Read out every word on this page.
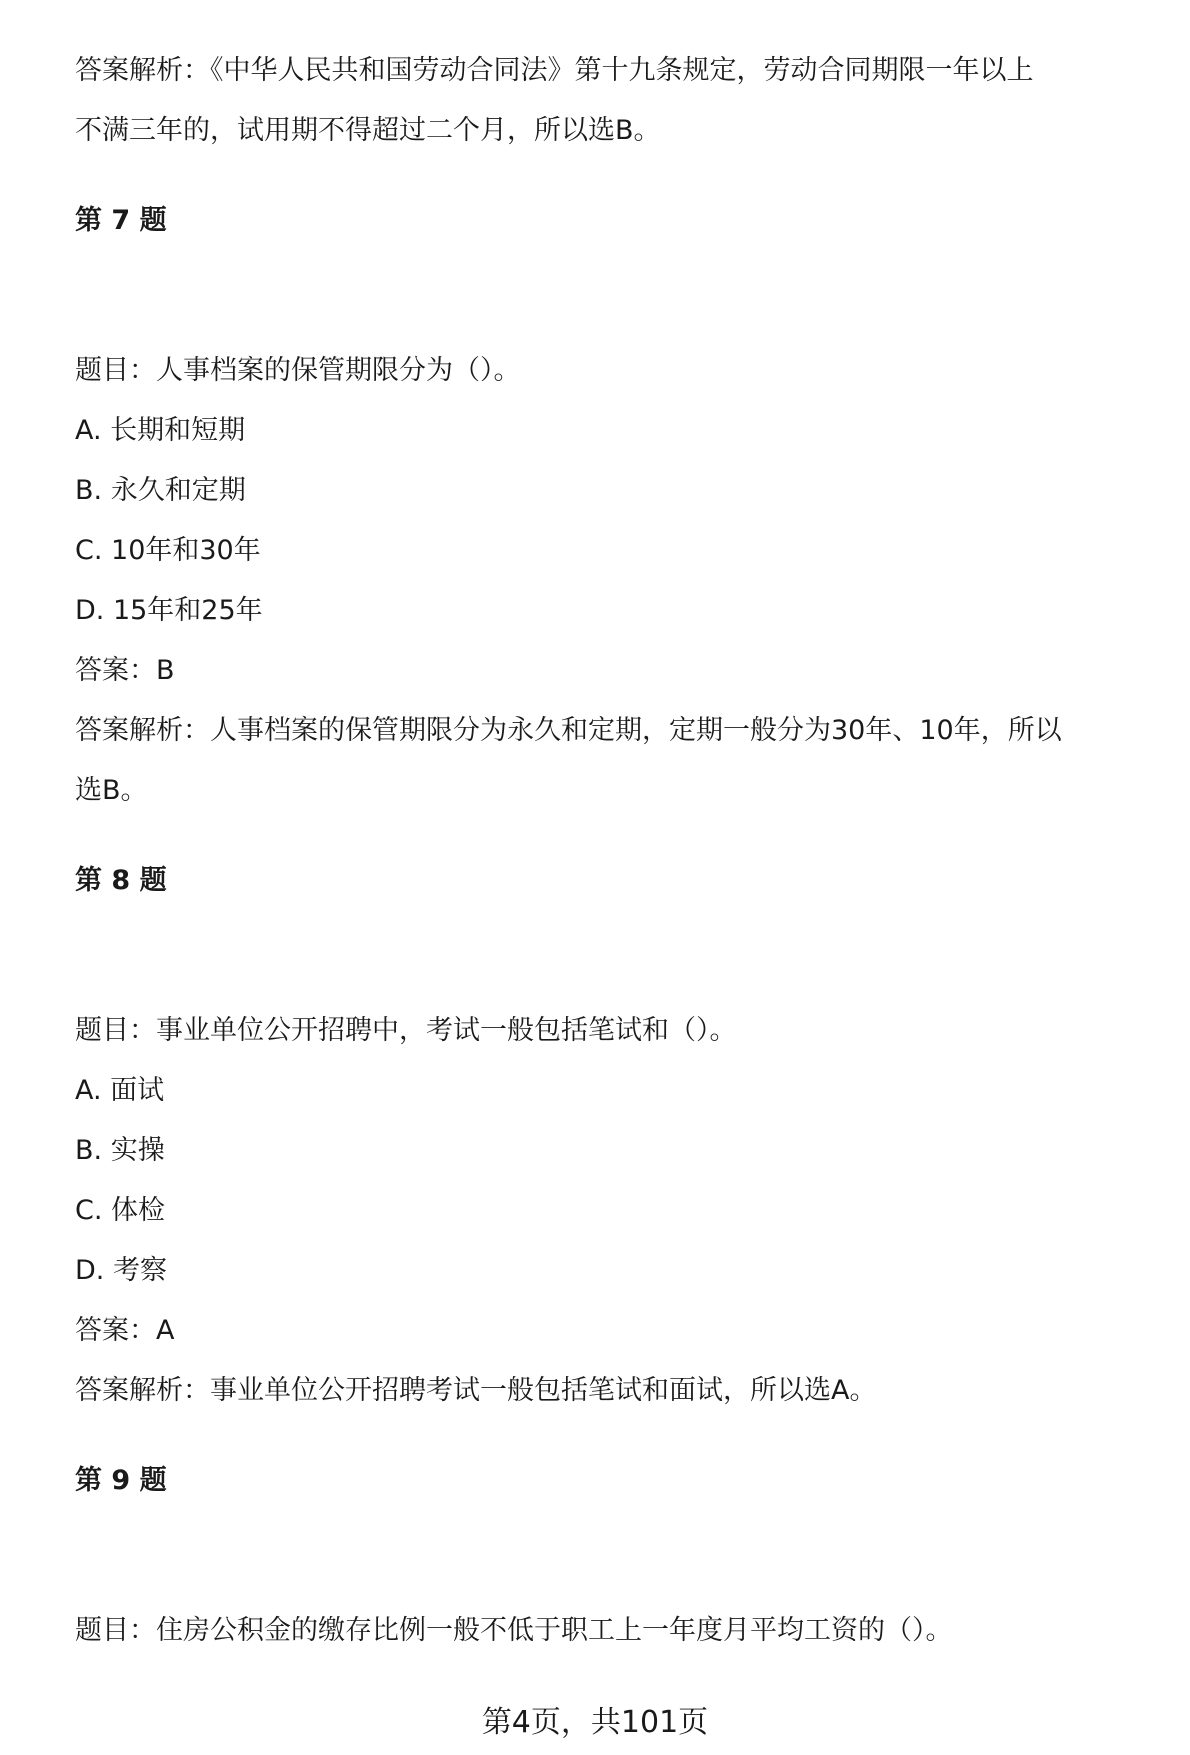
答案解析：《中华人民共和国劳动合同法》第十九条规定，劳动合同期限一年以上
不满三年的，试用期不得超过二个月，所以选B。
第 7 题
题目：人事档案的保管期限分为（）。
A. 长期和短期
B. 永久和定期
C. 10年和30年
D. 15年和25年
答案：B
答案解析：人事档案的保管期限分为永久和定期，定期一般分为30年、10年，所以
选B。
第 8 题
题目：事业单位公开招聘中，考试一般包括笔试和（）。
A. 面试
B. 实操
C. 体检
D. 考察
答案：A
答案解析：事业单位公开招聘考试一般包括笔试和面试，所以选A。
第 9 题
题目：住房公积金的缴存比例一般不低于职工上一年度月平均工资的（）。
第4页，共101页
